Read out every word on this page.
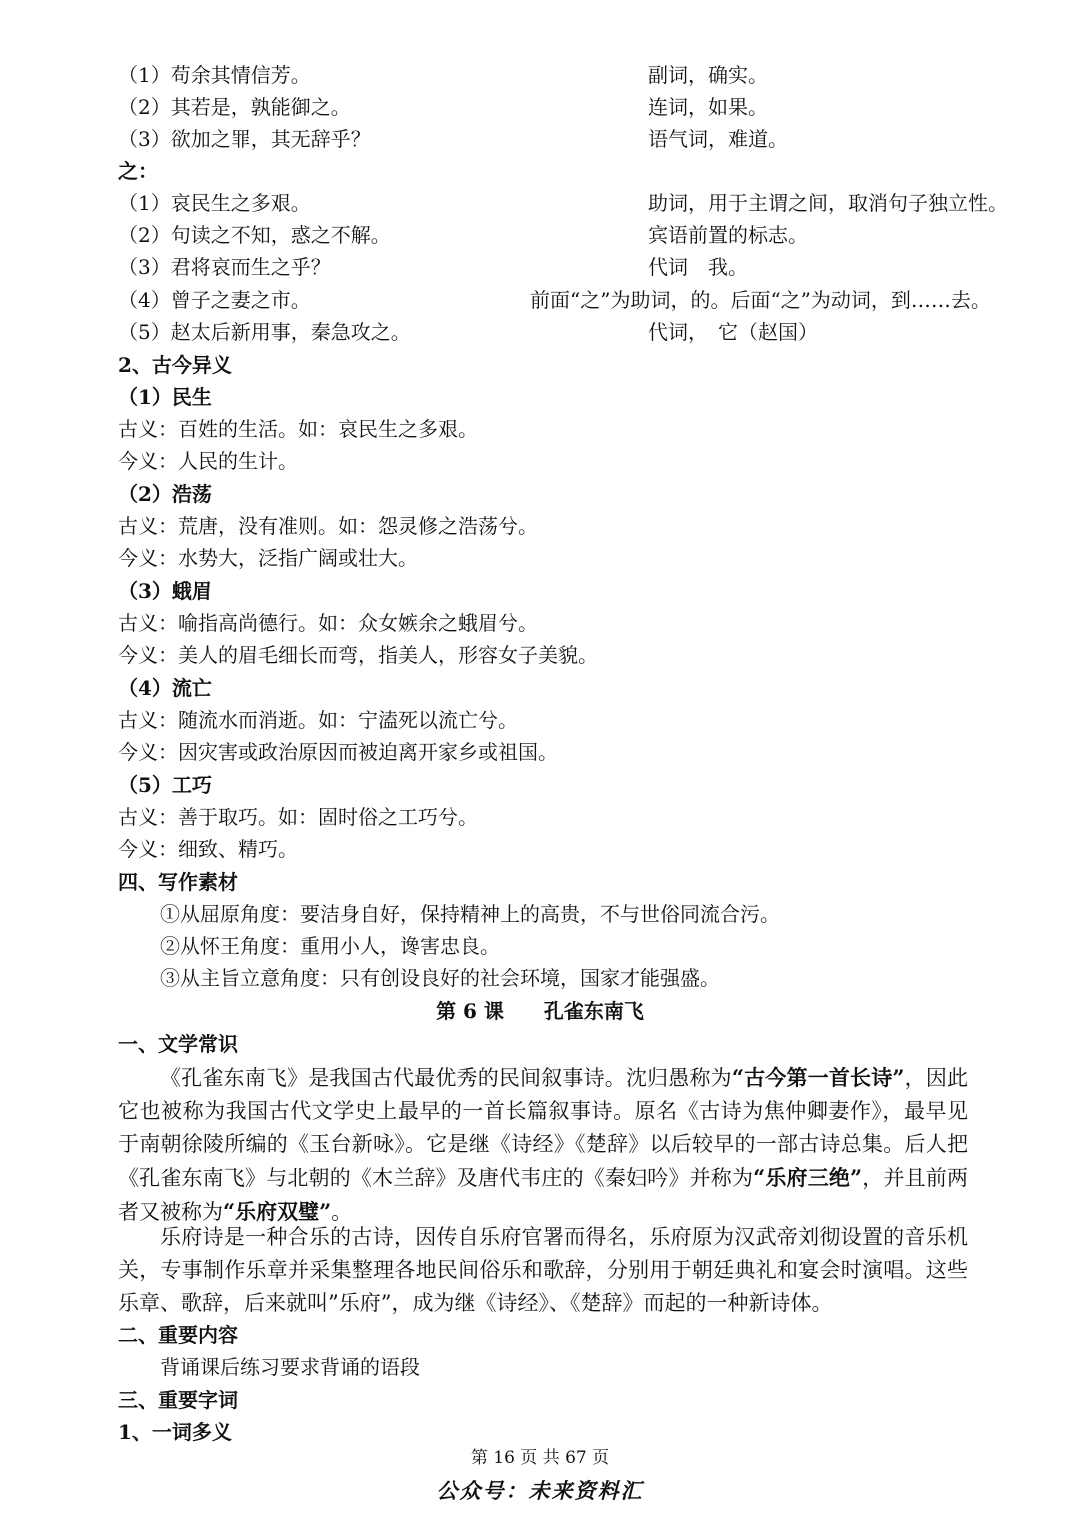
（1）苟余其情信芳。	副词，确实。
（2）其若是，孰能御之。	连词，如果。
（3）欲加之罪，其无辞乎？	语气词，难道。
之：
（1）哀民生之多艰。	助词，用于主谓之间，取消句子独立性。
（2）句读之不知，惑之不解。	宾语前置的标志。
（3）君将哀而生之乎？	代词　我。
（4）曾子之妻之市。	前面“之”为助词，的。后面“之”为动词，到……去。
（5）赵太后新用事，秦急攻之。	代词，　它（赵国）
2、古今异义
（1）民生
古义：百姓的生活。如：哀民生之多艰。
今义：人民的生计。
（2）浩荡
古义：荒唐，没有准则。如：怨灵修之浩荡兮。
今义：水势大，泛指广阔或壮大。
（3）蛾眉
古义：喻指高尚德行。如：众女嫉余之蛾眉兮。
今义：美人的眉毛细长而弯，指美人，形容女子美貌。
（4）流亡
古义：随流水而消逝。如：宁溘死以流亡兮。
今义：因灾害或政治原因而被迫离开家乡或祖国。
（5）工巧
古义：善于取巧。如：固时俗之工巧兮。
今义：细致、精巧。
四、写作素材
①从屈原角度：要洁身自好，保持精神上的高贵，不与世俗同流合污。
②从怀王角度：重用小人，谗害忠良。
③从主旨立意角度：只有创设良好的社会环境，国家才能强盛。
第 6 课　　孔雀东南飞
一、文学常识

《孔雀东南飞》是我国古代最优秀的民间叙事诗。沈归愚称为“古今第一首长诗”，因此它也被称为我国古代文学史上最早的一首长篇叙事诗。原名《古诗为焦仲卿妻作》，最早见于南朝徐陵所编的《玉台新咏》。它是继《诗经》《楚辞》以后较早的一部古诗总集。后人把《孔雀东南飞》与北朝的《木兰辞》及唐代韦庄的《秦妇吟》并称为“乐府三绝”，并且前两者又被称为“乐府双璧”。

乐府诗是一种合乐的古诗，因传自乐府官署而得名，乐府原为汉武帝刘彻设置的音乐机关，专事制作乐章并采集整理各地民间俗乐和歌辞，分别用于朝廷典礼和宴会时演唱。这些乐章、歌辞，后来就叫”乐府”，成为继《诗经》、《楚辞》而起的一种新诗体。

二、重要内容
背诵课后练习要求背诵的语段
三、重要字词
1、一词多义
第 16 页 共 67 页
公众号：未来资料汇
